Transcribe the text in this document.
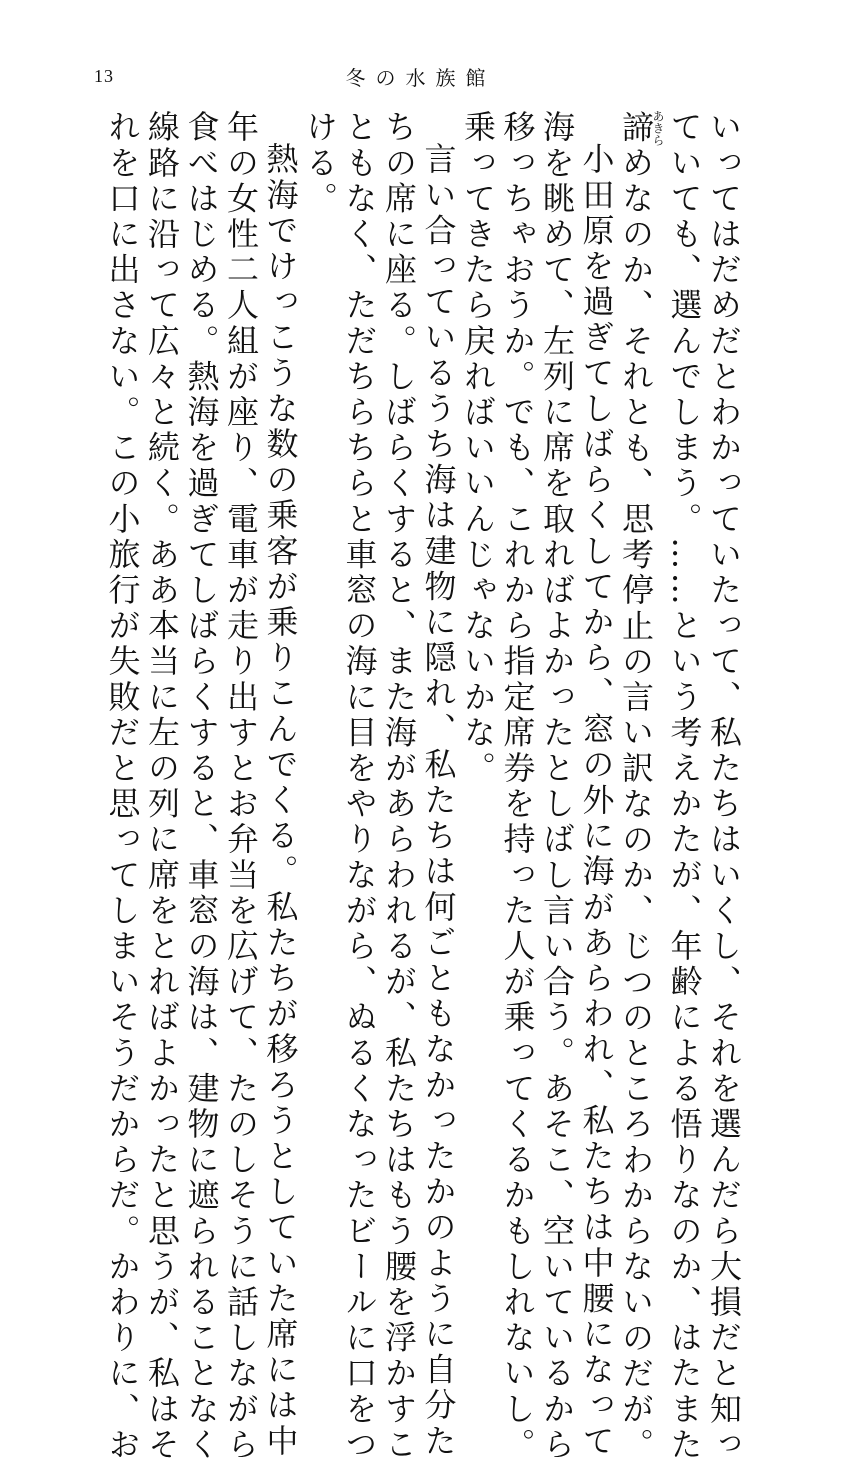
13	冬の水族館
いってはだめだとわかっていたって、私たちはいくし、それを選んだら大損だと知っ
ていても、選んでしまう。……という考えかたが、年齢による悟りなのか、はたまた
諦あきらめなのか、それとも、思考停止の言い訳なのか、じつのところわからないのだが。
小田原を過ぎてしばらくしてから、窓の外に海があらわれ、私たちは中腰になって
海を眺めて、左列に席を取ればよかったとしばし言い合う。あそこ、空いているから
移っちゃおうか。でも、これから指定席券を持った人が乗ってくるかもしれないし。
乗ってきたら戻ればいいんじゃないかな。
言い合っているうち海は建物に隠れ、私たちは何ごともなかったかのように自分た
ちの席に座る。しばらくすると、また海があらわれるが、私たちはもう腰を浮かすこ
ともなく、ただちらちらと車窓の海に目をやりながら、ぬるくなったビールに口をつ
ける。
熱海でけっこうな数の乗客が乗りこんでくる。私たちが移ろうとしていた席には中
年の女性二人組が座り、電車が走り出すとお弁当を広げて、たのしそうに話しながら
食べはじめる。熱海を過ぎてしばらくすると、車窓の海は、建物に遮られることなく
線路に沿って広々と続く。ああ本当に左の列に席をとればよかったと思うが、私はそ
れを口に出さない。この小旅行が失敗だと思ってしまいそうだからだ。かわりに、お
